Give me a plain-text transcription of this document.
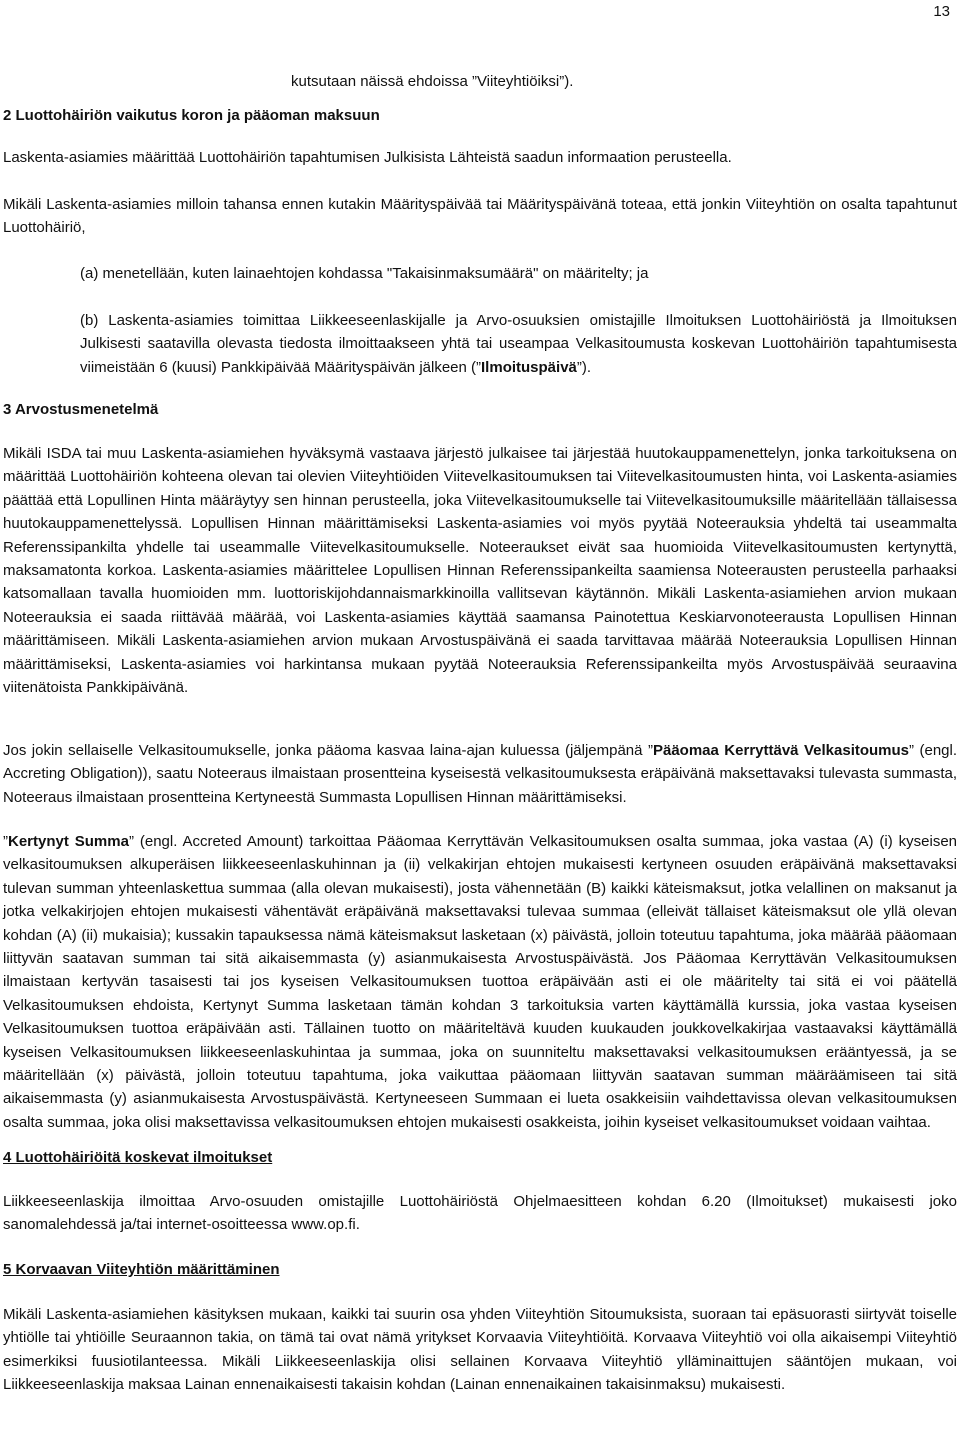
13
kutsutaan näissä ehdoissa ”Viiteyhtiöiksi”).
2 Luottohäiriön vaikutus koron ja pääoman maksuun
Laskenta-asiamies määrittää Luottohäiriön tapahtumisen Julkisista Lähteistä saadun informaation perusteella.
Mikäli Laskenta-asiamies milloin tahansa ennen kutakin Määrityspäivää tai Määrityspäivänä toteaa, että jonkin Viiteyhtiön on osalta tapahtunut Luottohäiriö,
(a) menetellään, kuten lainaehtojen kohdassa "Takaisinmaksumäärä" on määritelty; ja
(b) Laskenta-asiamies toimittaa Liikkeeseenlaskijalle ja Arvo-osuuksien omistajille Ilmoituksen Luottohäiriöstä ja Ilmoituksen Julkisesti saatavilla olevasta tiedosta ilmoittaakseen yhtä tai useampaa Velkasitoumusta koskevan Luottohäiriön tapahtumisesta viimeistään 6 (kuusi) Pankkipäivää Määrityspäivän jälkeen (”Ilmoituspäivä”).
3 Arvostusmenetelmä
Mikäli ISDA tai muu Laskenta-asiamiehen hyväksymä vastaava järjestö julkaisee tai järjestää huutokauppamenettelyn, jonka tarkoituksena on määrittää Luottohäiriön kohteena olevan tai olevien Viiteyhtiöiden Viitevelkasitoumuksen tai Viitevelkasitoumusten hinta, voi Laskenta-asiamies päättää että Lopullinen Hinta määräytyy sen hinnan perusteella, joka Viitevelkasitoumukselle tai Viitevelkasitoumuksille määritellään tällaisessa huutokauppamenettelyssä. Lopullisen Hinnan määrittämiseksi Laskenta-asiamies voi myös pyytää Noteerauksia yhdeltä tai useammalta Referenssipankilta yhdelle tai useammalle Viitevelkasitoumukselle. Noteeraukset eivät saa huomioida Viitevelkasitoumusten kertynyttä, maksamatonta korkoa. Laskenta-asiamies määrittelee Lopullisen Hinnan Referenssipankeilta saamiensa Noteerausten perusteella parhaaksi katsomallaan tavalla huomioiden mm. luottoriskijohdannaismarkkinoilla vallitsevan käytännön. Mikäli Laskenta-asiamiehen arvion mukaan Noteerauksia ei saada riittävää määrää, voi Laskenta-asiamies käyttää saamansa Painotettua Keskiarvonoteerausta Lopullisen Hinnan määrittämiseen. Mikäli Laskenta-asiamiehen arvion mukaan Arvostuspäivänä ei saada tarvittavaa määrää Noteerauksia Lopullisen Hinnan määrittämiseksi, Laskenta-asiamies voi harkintansa mukaan pyytää Noteerauksia Referenssipankeilta myös Arvostuspäivää seuraavina viitenätoista Pankkipäivänä.
Jos jokin sellaiselle Velkasitoumukselle, jonka pääoma kasvaa laina-ajan kuluessa (jäljempänä ”Pääomaa Kerryttävä Velkasitoumus” (engl. Accreting Obligation)), saatu Noteeraus ilmaistaan prosentteina kyseisestä velkasitoumuksesta eräpäivänä maksettavaksi tulevasta summasta, Noteeraus ilmaistaan prosentteina Kertyneestä Summasta Lopullisen Hinnan määrittämiseksi.
”Kertynyt Summa” (engl. Accreted Amount) tarkoittaa Pääomaa Kerryttävän Velkasitoumuksen osalta summaa, joka vastaa (A) (i) kyseisen velkasitoumuksen alkuperäisen liikkeeseenlaskuhinnan ja (ii) velkakirjan ehtojen mukaisesti kertyneen osuuden eräpäivänä maksettavaksi tulevan summan yhteenlaskettua summaa (alla olevan mukaisesti), josta vähennetään (B) kaikki käteismaksut, jotka velallinen on maksanut ja jotka velkakirjojen ehtojen mukaisesti vähentävät eräpäivänä maksettavaksi tulevaa summaa (elleivät tällaiset käteismaksut ole yllä olevan kohdan (A) (ii) mukaisia); kussakin tapauksessa nämä käteismaksut lasketaan (x) päivästä, jolloin toteutuu tapahtuma, joka määrää pääomaan liittyvän saatavan summan tai sitä aikaisemmasta (y) asianmukaisesta Arvostuspäivästä. Jos Pääomaa Kerryttävän Velkasitoumuksen ilmaistaan kertyvän tasaisesti tai jos kyseisen Velkasitoumuksen tuottoa eräpäivään asti ei ole määritelty tai sitä ei voi päätellä Velkasitoumuksen ehdoista, Kertynyt Summa lasketaan tämän kohdan 3 tarkoituksia varten käyttämällä kurssia, joka vastaa kyseisen Velkasitoumuksen tuottoa eräpäivään asti. Tällainen tuotto on määriteltävä kuuden kuukauden joukkovelkakirjaa vastaavaksi käyttämällä kyseisen Velkasitoumuksen liikkeeseenlaskuhintaa ja summaa, joka on suunniteltu maksettavaksi velkasitoumuksen erääntyessä, ja se määritellään (x) päivästä, jolloin toteutuu tapahtuma, joka vaikuttaa pääomaan liittyvän saatavan summan määräämiseen tai sitä aikaisemmasta (y) asianmukaisesta Arvostuspäivästä. Kertyneeseen Summaan ei lueta osakkeisiin vaihdettavissa olevan velkasitoumuksen osalta summaa, joka olisi maksettavissa velkasitoumuksen ehtojen mukaisesti osakkeista, joihin kyseiset velkasitoumukset voidaan vaihtaa.
4 Luottohäiriöitä koskevat ilmoitukset
Liikkeeseenlaskija ilmoittaa Arvo-osuuden omistajille Luottohäiriöstä Ohjelmaesitteen kohdan 6.20 (Ilmoitukset) mukaisesti joko sanomalehdessä ja/tai internet-osoitteessa www.op.fi.
5 Korvaavan Viiteyhtiön määrittäminen
Mikäli Laskenta-asiamiehen käsityksen mukaan, kaikki tai suurin osa yhden Viiteyhtiön Sitoumuksista, suoraan tai epäsuorasti siirtyvät toiselle yhtiölle tai yhtiöille Seuraannon takia, on tämä tai ovat nämä yritykset Korvaavia Viiteyhtiöitä. Korvaava Viiteyhtiö voi olla aikaisempi Viiteyhtiö esimerkiksi fuusiotilanteessa. Mikäli Liikkeeseenlaskija olisi sellainen Korvaava Viiteyhtiö ylläminaittujen sääntöjen mukaan, voi Liikkeeseenlaskija maksaa Lainan ennenaikaisesti takaisin kohdan (Lainan ennenaikainen takaisinmaksu) mukaisesti.
